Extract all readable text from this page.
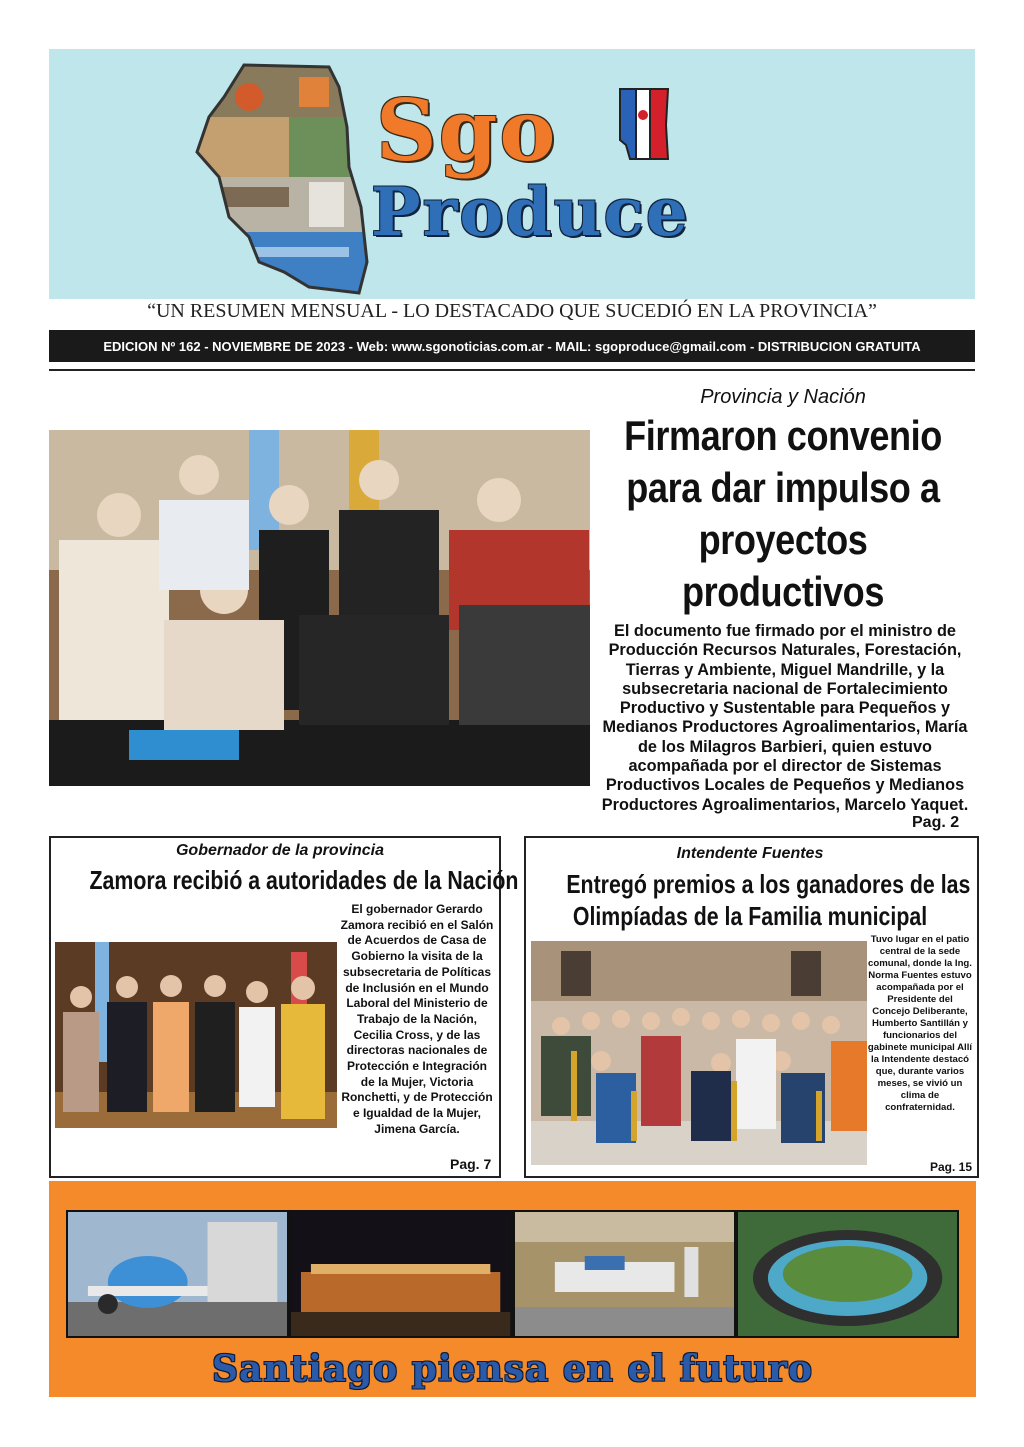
Sgo
Produce
“UN RESUMEN MENSUAL - LO DESTACADO QUE SUCEDIÓ EN LA PROVINCIA”
EDICION Nº 162 - NOVIEMBRE DE 2023 - Web: www.sgonoticias.com.ar - MAIL: sgoproduce@gmail.com - DISTRIBUCION GRATUITA
Provincia y Nación
Firmaron convenio para dar impulso a proyectos productivos
El documento fue firmado por el ministro de Producción Recursos Naturales, Forestación, Tierras y Ambiente, Miguel Mandrille, y la subsecretaria nacional de Fortalecimiento Productivo y Sustentable para Pequeños y Medianos Productores Agroalimentarios, María de los Milagros Barbieri, quien estuvo acompañada por el director de Sistemas Productivos Locales de Pequeños y Medianos Productores Agroalimentarios, Marcelo Yaquet.
Pag. 2
Gobernador de la provincia
Zamora recibió a autoridades de la Nación
El gobernador Gerardo Zamora recibió en el Salón de Acuerdos de Casa de Gobierno la visita de la subsecretaria de Políticas de Inclusión en el Mundo Laboral del Ministerio de Trabajo de la Nación, Cecilia Cross, y de las directoras nacionales de Protección e Integración de la Mujer, Victoria Ronchetti, y de Protección e Igualdad de la Mujer, Jimena García.
Pag. 7
Intendente Fuentes
Entregó premios a los ganadores de las
Olimpíadas de la Familia municipal
Tuvo lugar en el patio central de la sede comunal, donde la Ing. Norma Fuentes estuvo acompañada por el Presidente del Concejo Deliberante, Humberto Santillán y funcionarios del gabinete municipal Allí la Intendente destacó que, durante varios meses, se vivió un clima de confraternidad.
Pag. 15
Santiago piensa en el futuro
